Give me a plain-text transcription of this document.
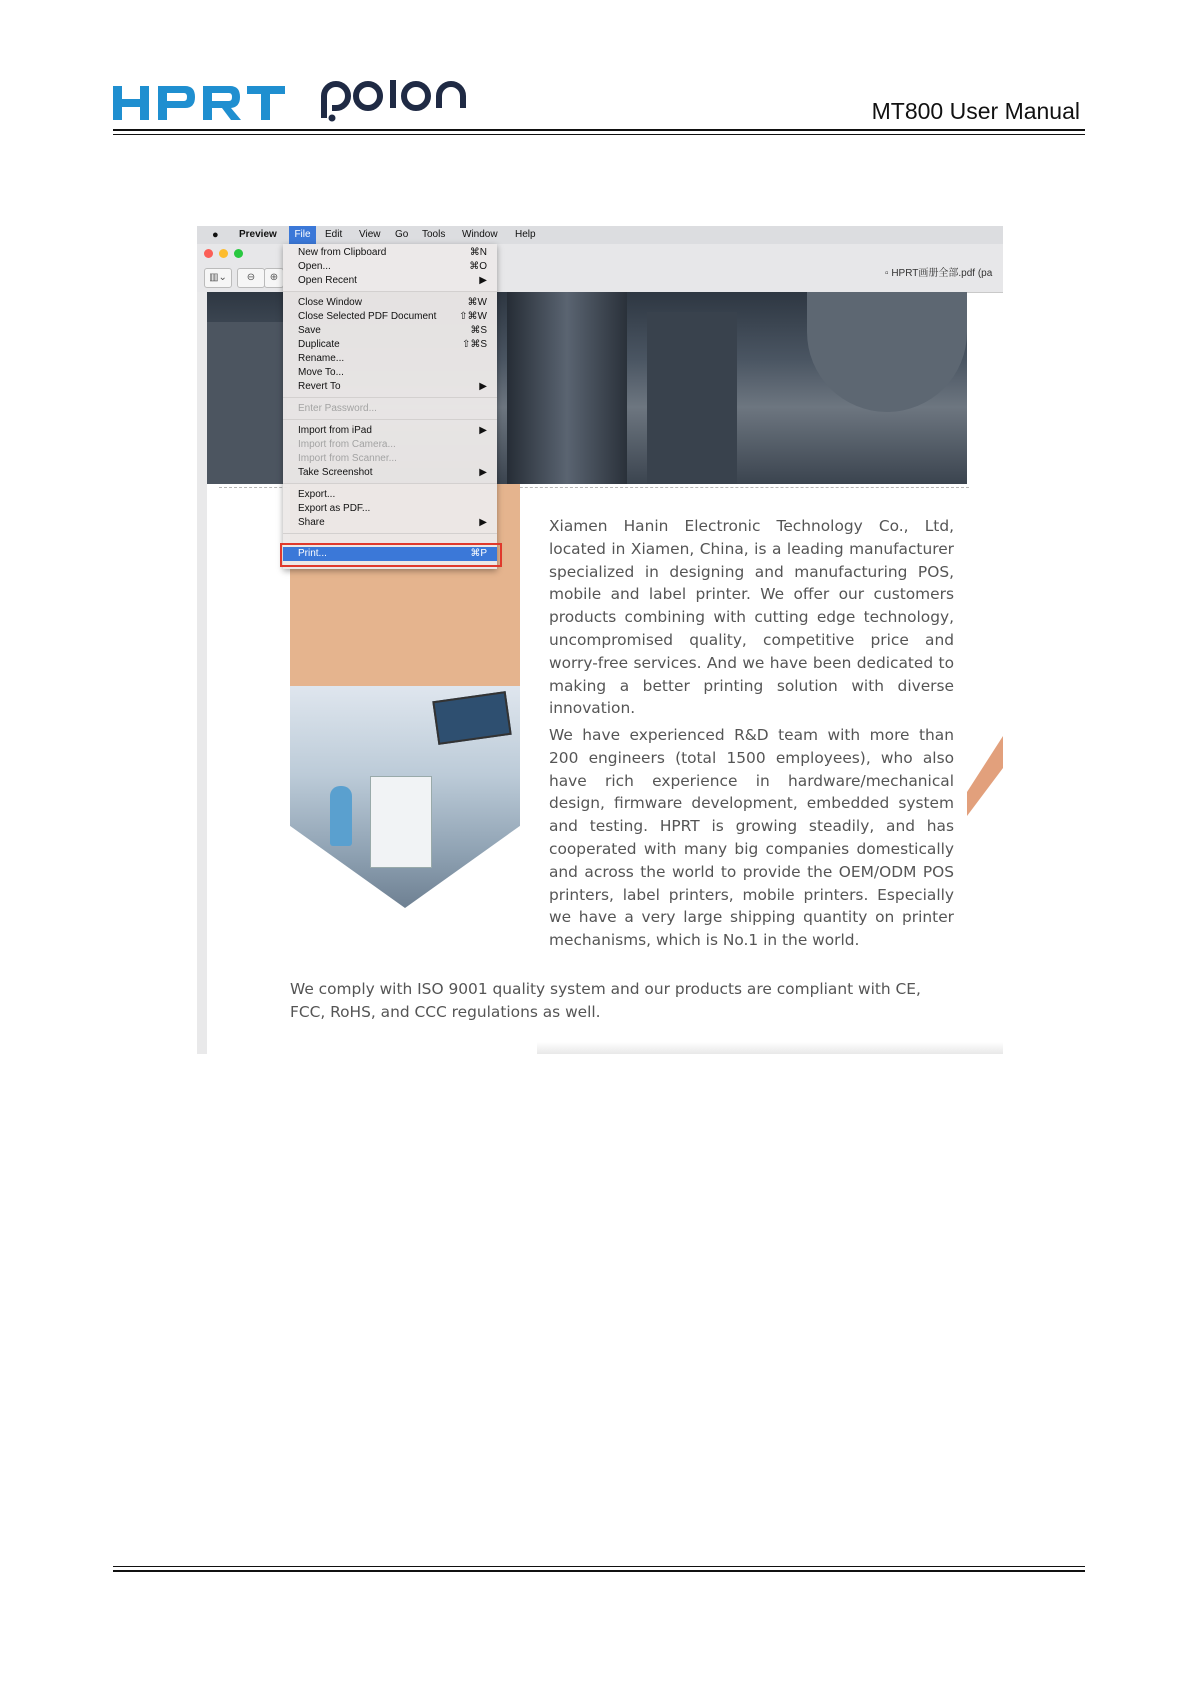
MT800 User Manual
● Preview	File	Edit View Go Tools Window Help
▥⌄	⊖	⊕	▫ HPRT画册全部.pdf (pa
Xiamen Hanin Electronic Technology Co., Ltd, located in Xiamen, China, is a leading manufacturer specialized in designing and manufacturing POS, mobile and label printer. We offer our customers products combining with cutting edge technology, uncompromised quality, competitive price and worry-free services. And we have been dedicated to making a better printing solution with diverse innovation.
We have experienced R&D team with more than 200 engineers (total 1500 employees), who also have rich experience in hardware/mechanical design, firmware development, embedded system and testing. HPRT is growing steadily, and has cooperated with many big companies domestically and across the world to provide the OEM/ODM POS printers, label printers, mobile printers. Especially we have a very large shipping quantity on printer mechanisms, which is No.1 in the world.
We comply with ISO 9001 quality system and our products are compliant with CE, FCC, RoHS, and CCC regulations as well.
New from Clipboard	⌘N
Open...	⌘O
Open Recent	▶
Close Window	⌘W
Close Selected PDF Document ⇧⌘W
Save	⌘S
Duplicate	⇧⌘S
Rename...
Move To...
Revert To	▶
Enter Password...
Import from iPad	▶
Import from Camera...
Import from Scanner...
Take Screenshot	▶
Export...
Export as PDF...
Share	▶
Print...	⌘P
